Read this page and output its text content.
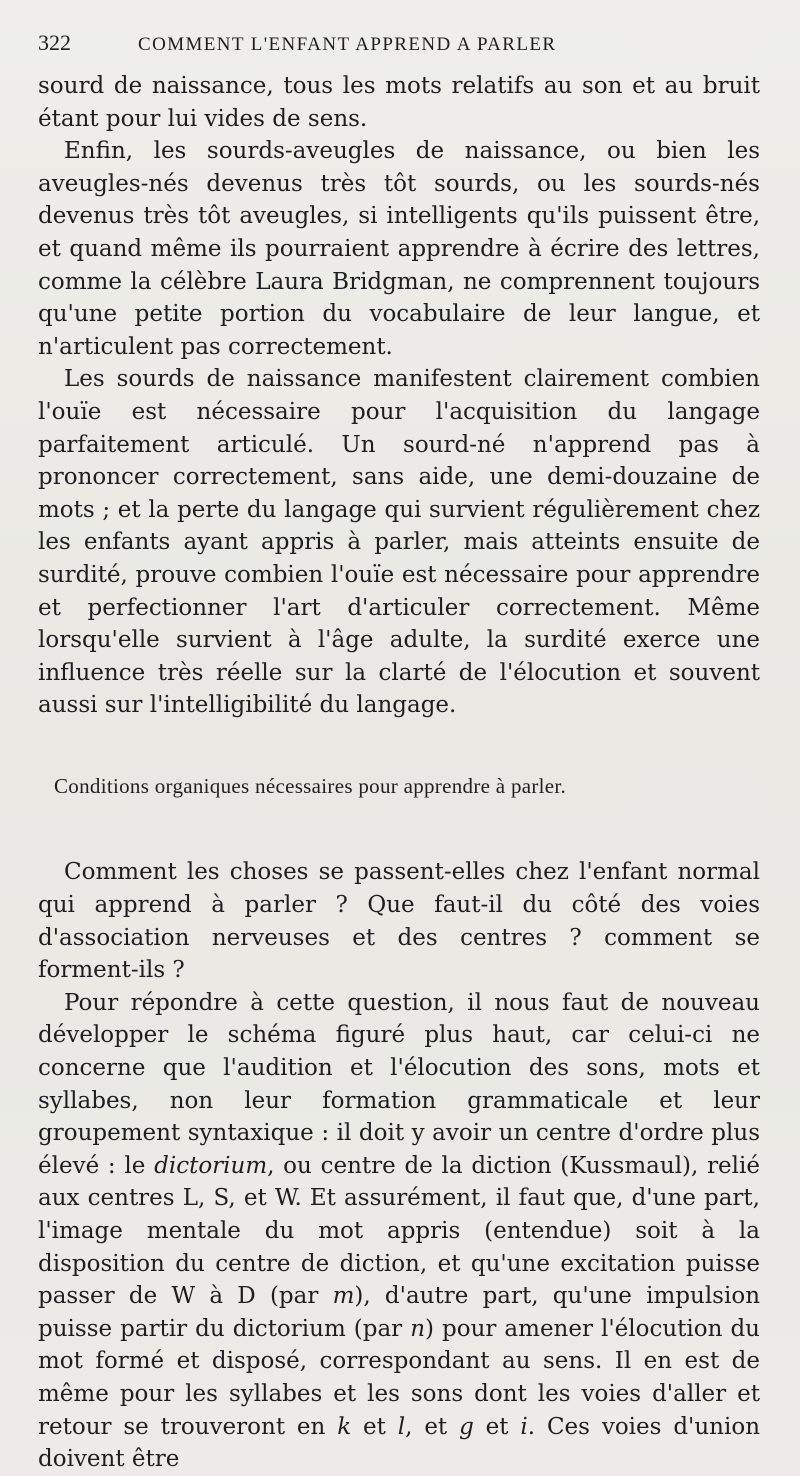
322	COMMENT L'ENFANT APPREND A PARLER

sourd de naissance, tous les mots relatifs au son et au bruit étant pour lui vides de sens.

Enfin, les sourds-aveugles de naissance, ou bien les aveugles-nés devenus très tôt sourds, ou les sourds-nés devenus très tôt aveugles, si intelligents qu'ils puissent être, et quand même ils pourraient apprendre à écrire des lettres, comme la célèbre Laura Bridgman, ne comprennent toujours qu'une petite portion du vocabulaire de leur langue, et n'articulent pas correctement.

Les sourds de naissance manifestent clairement combien l'ouïe est nécessaire pour l'acquisition du langage parfaitement articulé. Un sourd-né n'apprend pas à prononcer correctement, sans aide, une demi-douzaine de mots ; et la perte du langage qui survient régulièrement chez les enfants ayant appris à parler, mais atteints ensuite de surdité, prouve combien l'ouïe est nécessaire pour apprendre et perfectionner l'art d'articuler correctement. Même lorsqu'elle survient à l'âge adulte, la surdité exerce une influence très réelle sur la clarté de l'élocution et souvent aussi sur l'intelligibilité du langage.

Conditions organiques nécessaires pour apprendre à parler.

Comment les choses se passent-elles chez l'enfant normal qui apprend à parler ? Que faut-il du côté des voies d'association nerveuses et des centres ? comment se forment-ils ?

Pour répondre à cette question, il nous faut de nouveau développer le schéma figuré plus haut, car celui-ci ne concerne que l'audition et l'élocution des sons, mots et syllabes, non leur formation grammaticale et leur groupement syntaxique : il doit y avoir un centre d'ordre plus élevé : le dictorium, ou centre de la diction (Kussmaul), relié aux centres L, S, et W. Et assurément, il faut que, d'une part, l'image mentale du mot appris (entendue) soit à la disposition du centre de diction, et qu'une excitation puisse passer de W à D (par m), d'autre part, qu'une impulsion puisse partir du dictorium (par n) pour amener l'élocution du mot formé et disposé, correspondant au sens. Il en est de même pour les syllabes et les sons dont les voies d'aller et retour se trouveront en k et l, et g et i. Ces voies d'union doivent être
